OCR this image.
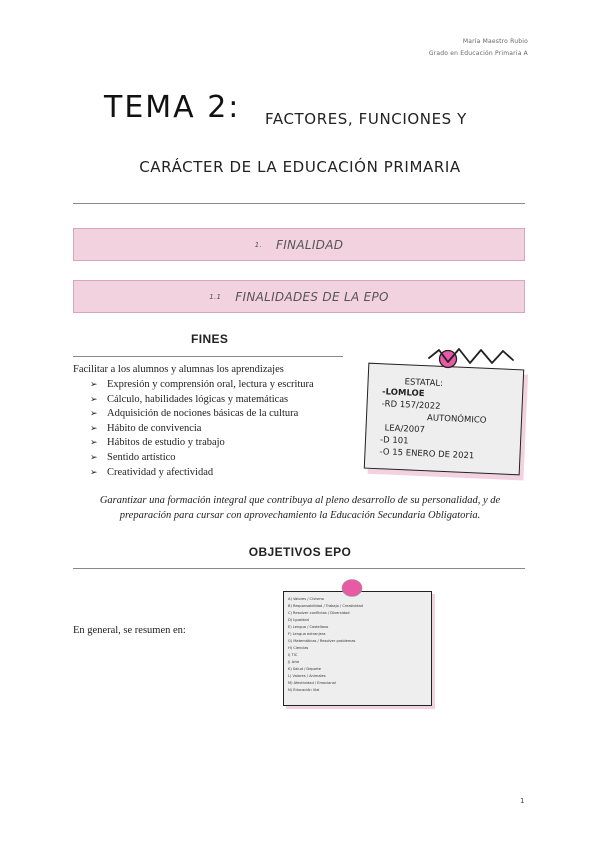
María Maestro Rubio
Grado en Educación Primaria A
TEMA 2: FACTORES, FUNCIONES Y
CARÁCTER DE LA EDUCACIÓN PRIMARIA
1. FINALIDAD
1.1 FINALIDADES DE LA EPO
FINES
Facilitar a los alumnos y alumnas los aprendizajes
➢ Expresión y comprensión oral, lectura y escritura
➢ Cálculo, habilidades lógicas y matemáticas
➢ Adquisición de nociones básicas de la cultura
➢ Hábito de convivencia
➢ Hábitos de estudio y trabajo
➢ Sentido artístico
➢ Creatividad y afectividad
ESTATAL:
-LOMLOE
-RD 157/2022
AUTONÓMICO
LEA/2007
-D 101
-O 15 ENERO DE 2021
Garantizar una formación integral que contribuya al pleno desarrollo de su personalidad, y de preparación para cursar con aprovechamiento la Educación Secundaria Obligatoria.
OBJETIVOS EPO
En general, se resumen en:
A) Valores / Civismo
B) Responsabilidad / Trabajo / Creatividad
C) Resolver conflictos / Diversidad
D) Igualdad
E) Lengua / Castellano
F) Lengua extranjera
G) Matemáticas / Resolver problemas
H) Ciencias
I) TIC
J) Arte
K) Salud / Deporte
L) Valores / Animales
M) Afectividad / Emocional
N) Educación Vial
1
